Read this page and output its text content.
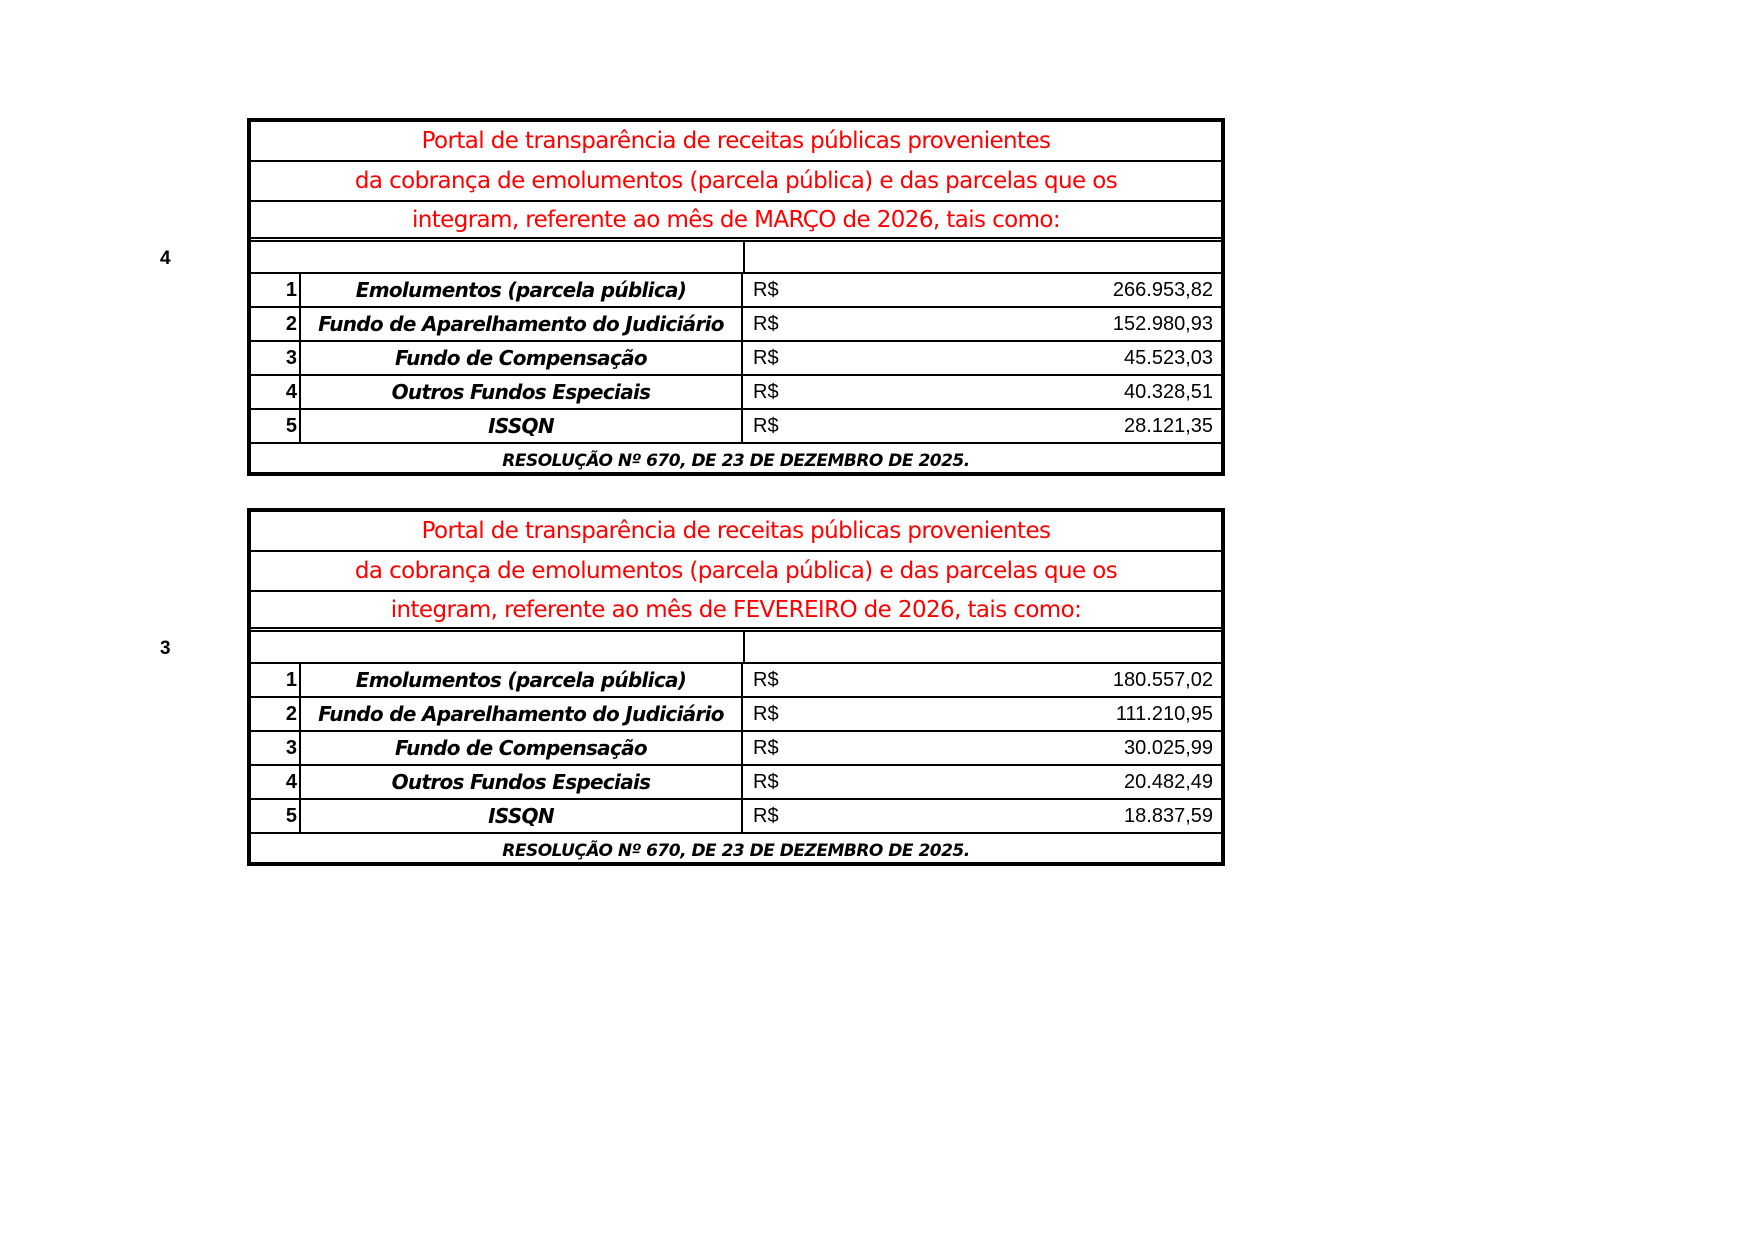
4
Portal de transparência de receitas públicas provenientes
da cobrança de emolumentos (parcela pública) e das parcelas que os
integram, referente ao mês de MARÇO de 2026, tais como:
1	Emolumentos (parcela pública)	R$	266.953,82
2	Fundo de Aparelhamento do Judiciário	R$	152.980,93
3	Fundo de Compensação	R$	45.523,03
4	Outros Fundos Especiais	R$	40.328,51
5	ISSQN	R$	28.121,35
RESOLUÇÃO Nº 670, DE 23 DE DEZEMBRO DE 2025.
3
Portal de transparência de receitas públicas provenientes
da cobrança de emolumentos (parcela pública) e das parcelas que os
integram, referente ao mês de FEVEREIRO de 2026, tais como:
1	Emolumentos (parcela pública)	R$	180.557,02
2	Fundo de Aparelhamento do Judiciário	R$	111.210,95
3	Fundo de Compensação	R$	30.025,99
4	Outros Fundos Especiais	R$	20.482,49
5	ISSQN	R$	18.837,59
RESOLUÇÃO Nº 670, DE 23 DE DEZEMBRO DE 2025.
